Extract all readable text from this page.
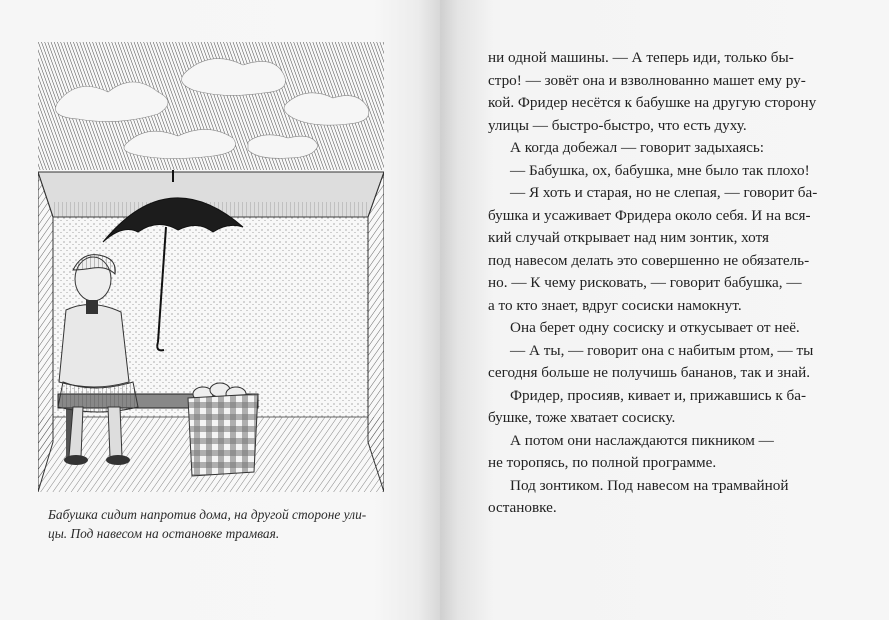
Бабушка сидит напротив дома, на другой стороне ули-
цы. Под навесом на остановке трамвая.
ни одной машины. — А теперь иди, только бы-
стро! — зовёт она и взволнованно машет ему ру-
кой. Фридер несётся к бабушке на другую сторону
улицы — быстро-быстро, что есть духу.
А когда добежал — говорит задыхаясь:
— Бабушка, ох, бабушка, мне было так плохо!
— Я хоть и старая, но не слепая, — говорит ба-
бушка и усаживает Фридера около себя. И на вся-
кий случай открывает над ним зонтик, хотя
под навесом делать это совершенно не обязатель-
но. — К чему рисковать, — говорит бабушка, —
а то кто знает, вдруг сосиски намокнут.
Она берет одну сосиску и откусывает от неё.
— А ты, — говорит она с набитым ртом, — ты
сегодня больше не получишь бананов, так и знай.
Фридер, просияв, кивает и, прижавшись к ба-
бушке, тоже хватает сосиску.
А потом они наслаждаются пикником —
не торопясь, по полной программе.
Под зонтиком. Под навесом на трамвайной
остановке.
